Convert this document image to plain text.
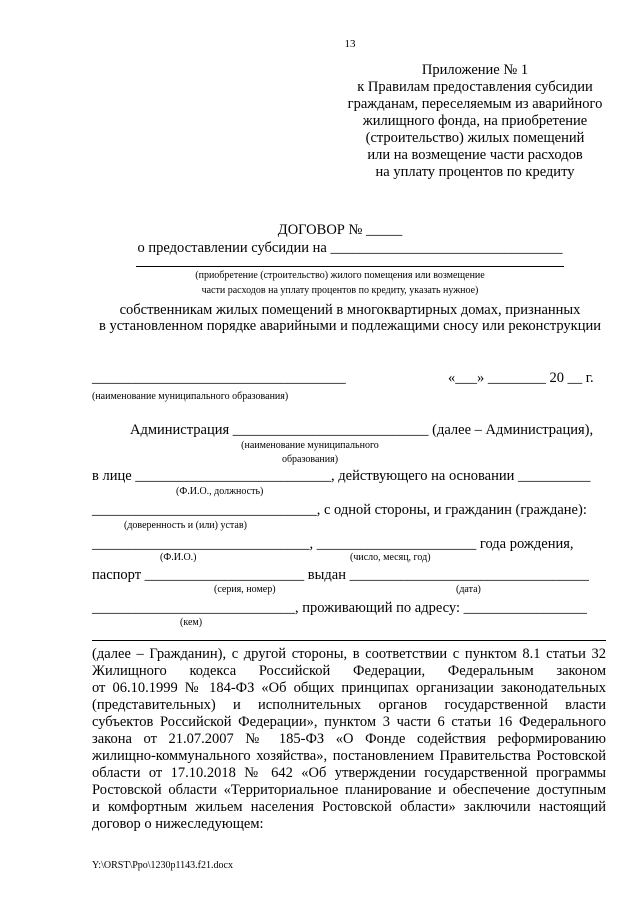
13
Приложение № 1
к Правилам предоставления субсидии
гражданам, переселяемым из аварийного
жилищного фонда, на приобретение
(строительство) жилых помещений
или на возмещение части расходов
на уплату процентов по кредиту
ДОГОВОР № _____
о предоставлении субсидии на ________________________________
(приобретение (строительство) жилого помещения или возмещение
части расходов на уплату процентов по кредиту, указать нужное)
собственникам жилых помещений в многоквартирных домах, признанных
в установленном порядке аварийными и подлежащими сносу или реконструкции
___________________________________	«___» ________ 20 __ г.
(наименование муниципального образования)
Администрация ___________________________ (далее – Администрация),
(наименование муниципального
образования)
в лице ___________________________, действующего на основании __________
(Ф.И.О., должность)
_______________________________, с одной стороны, и гражданин (граждане):
(доверенность и (или) устав)
______________________________, ______________________ года рождения,
(Ф.И.О.)	(число, месяц, год)
паспорт ______________________ выдан _________________________________
(серия, номер)	(дата)
____________________________, проживающий по адресу: _________________
(кем)
(далее – Гражданин), с другой стороны, в соответствии с пунктом 8.1 статьи 32
Жилищного кодекса Российской Федерации, Федеральным законом
от 06.10.1999 № 184-ФЗ «Об общих принципах организации законодательных
(представительных) и исполнительных органов государственной власти
субъектов Российской Федерации», пунктом 3 части 6 статьи 16 Федерального
закона от 21.07.2007 № 185-ФЗ «О Фонде содействия реформированию
жилищно-коммунального хозяйства», постановлением Правительства Ростовской
области от 17.10.2018 № 642 «Об утверждении государственной программы
Ростовской области «Территориальное планирование и обеспечение доступным
и комфортным жильем населения Ростовской области» заключили настоящий
договор о нижеследующем:
Y:\ORST\Ppo\1230p1143.f21.docx
